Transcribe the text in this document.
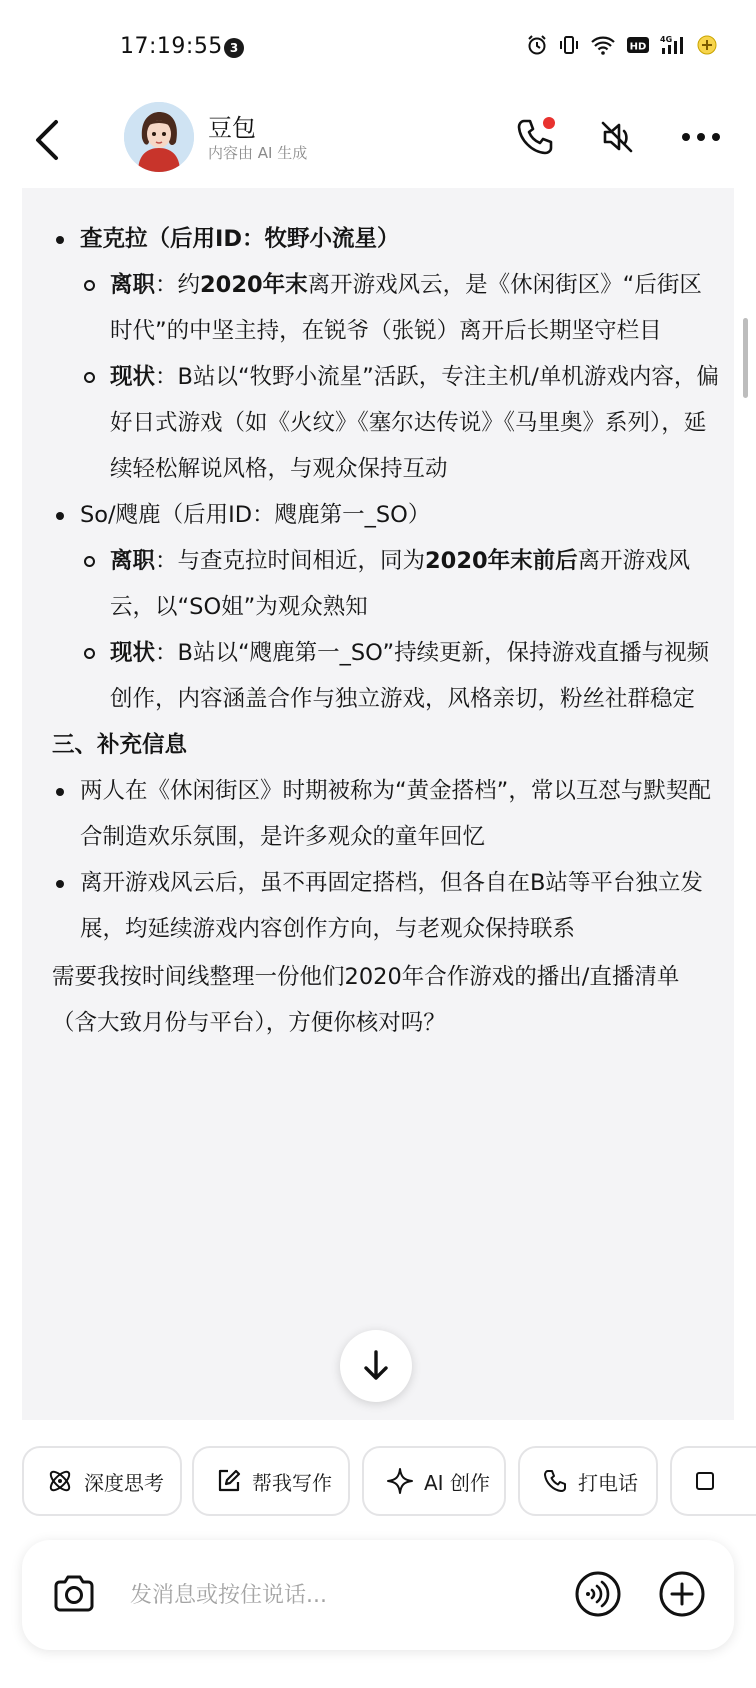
17:19:55 3	HD
4G
豆包
内容由 AI 生成

查克拉（后用ID：牧野小流星）

离职：约2020年末离开游戏风云，是《休闲街区》“后街区时代”的中坚主持，在锐爷（张锐）离开后长期坚守栏目

现状：B站以“牧野小流星”活跃，专注主机/单机游戏内容，偏好日式游戏（如《火纹》《塞尔达传说》《马里奥》系列），延续轻松解说风格，与观众保持互动

So/飕鹿（后用ID：飕鹿第一_SO）

离职：与查克拉时间相近，同为2020年末前后离开游戏风云，以“SO姐”为观众熟知

现状：B站以“飕鹿第一_SO”持续更新，保持游戏直播与视频创作，内容涵盖合作与独立游戏，风格亲切，粉丝社群稳定

三、补充信息

两人在《休闲街区》时期被称为“黄金搭档”，常以互怼与默契配合制造欢乐氛围，是许多观众的童年回忆

离开游戏风云后，虽不再固定搭档，但各自在B站等平台独立发展，均延续游戏内容创作方向，与老观众保持联系

需要我按时间线整理一份他们2020年合作游戏的播出/直播清单（含大致月份与平台），方便你核对吗？

深度思考	帮我写作	AI 创作	打电话
发消息或按住说话...
